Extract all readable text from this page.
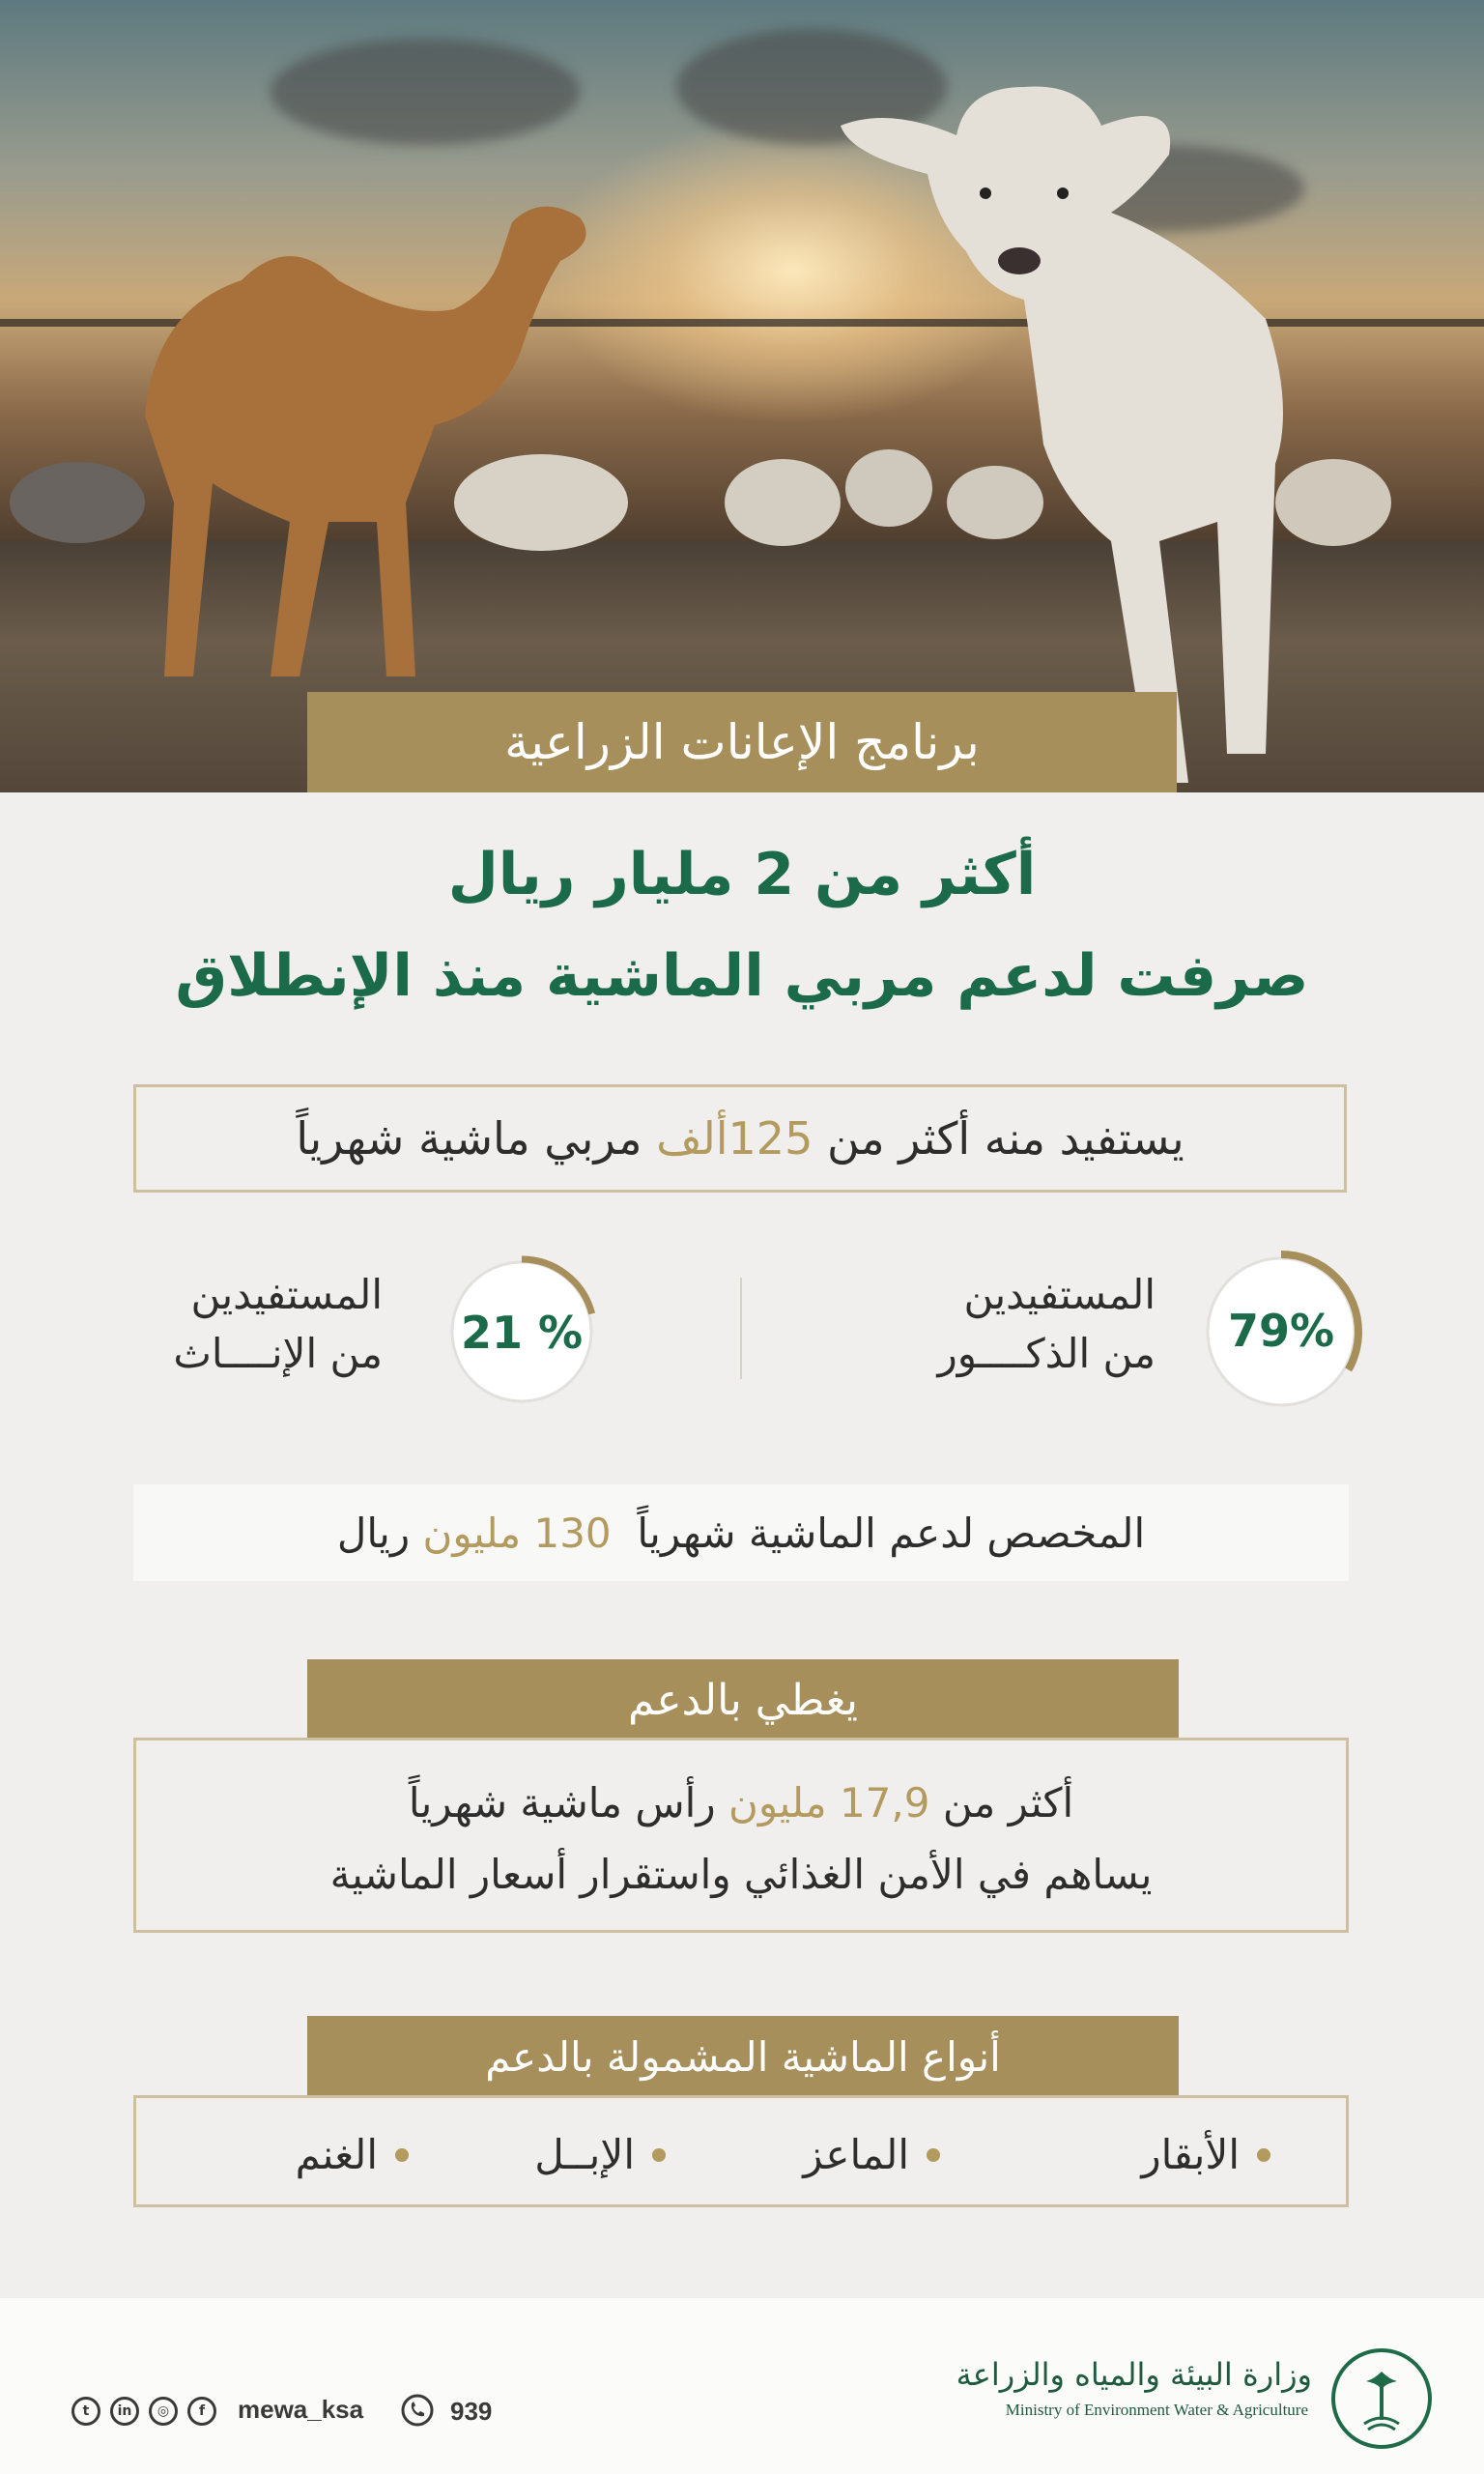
برنامج الإعانات الزراعية
أكثر من 2 مليار ريال
صرفت لدعم مربي الماشية منذ الإنطلاق
يستفيد منه أكثر من

125
ألف

مربي ماشية شهرياً
79%
المستفيدين
من الذكــــور
21 %
المستفيدين
من الإنــــاث
المخصص لدعم الماشية شهرياً

130 مليون

ريال
يغطي بالدعم
أكثر من 17,9 مليون رأس ماشية شهرياً
يساهم في الأمن الغذائي واستقرار أسعار الماشية
أنواع الماشية المشمولة بالدعم
الأبقار
الماعز
الإبــل
الغنم
t	in	◎	f	mewa_ksa	939
وزارة البيئة والمياه والزراعة
Ministry of Environment Water & Agriculture
